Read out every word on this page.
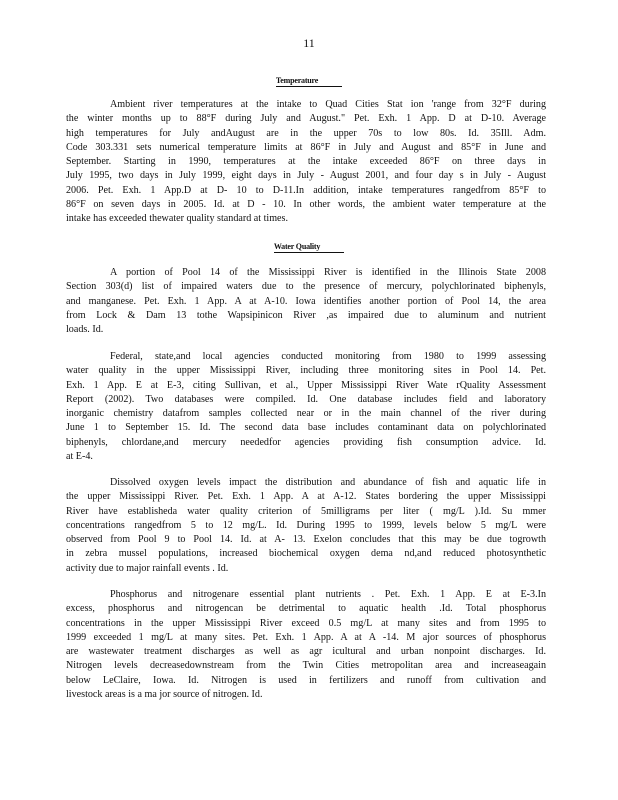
11
Temperature
Ambient river temperatures at the intake to Quad Cities Stat ion 'range from 32°F during
the winter months up to 88°F during July and August." Pet. Exh. 1 App. D at D-10. Average
high temperatures for July andAugust are in the upper 70s to low 80s. Id. 35Ill. Adm.
Code 303.331 sets numerical temperature limits at 86°F in July and August and 85°F in June and
September. Starting in 1990, temperatures at the intake exceeded 86°F on three days in
July 1995, two days in July 1999, eight days in July - August 2001, and four day s in July - August
2006. Pet. Exh. 1 App.D at D- 10 to D-11.In addition, intake temperatures rangedfrom 85°F to
86°F on seven days in 2005. Id. at D - 10. In other words, the ambient water temperature at the
intake has exceeded thewater quality standard at times.
Water Quality
A portion of Pool 14 of the Mississippi River is identified in the Illinois State 2008
Section 303(d) list of impaired waters due to the presence of mercury, polychlorinated biphenyls,
and manganese. Pet. Exh. 1 App. A at A-10. Iowa identifies another portion of Pool 14, the area
from Lock & Dam 13 tothe Wapsipinicon River ,as impaired due to aluminum and nutrient
loads. Id.
Federal, state,and local agencies conducted monitoring from 1980 to 1999 assessing
water quality in the upper Mississippi River, including three monitoring sites in Pool 14. Pet.
Exh. 1 App. E at E-3, citing Sullivan, et al., Upper Mississippi River Wate rQuality Assessment
Report (2002). Two databases were compiled. Id. One database includes field and laboratory
inorganic chemistry datafrom samples collected near or in the main channel of the river during
June 1 to September 15. Id. The second data base includes contaminant data on polychlorinated
biphenyls, chlordane,and mercury neededfor agencies providing fish consumption advice. Id.
at E-4.
Dissolved oxygen levels impact the distribution and abundance of fish and aquatic life in
the upper Mississippi River. Pet. Exh. 1 App. A at A-12. States bordering the upper Mississippi
River have establisheda water quality criterion of 5milligrams per liter ( mg/L ).Id. Su mmer
concentrations rangedfrom 5 to 12 mg/L. Id. During 1995 to 1999, levels below 5 mg/L were
observed from Pool 9 to Pool 14. Id. at A- 13. Exelon concludes that this may be due togrowth
in zebra mussel populations, increased biochemical oxygen dema nd,and reduced photosynthetic
activity due to major rainfall events . Id.
Phosphorus and nitrogenare essential plant nutrients . Pet. Exh. 1 App. E at E-3.In
excess, phosphorus and nitrogencan be detrimental to aquatic health .Id. Total phosphorus
concentrations in the upper Mississippi River exceed 0.5 mg/L at many sites and from 1995 to
1999 exceeded 1 mg/L at many sites. Pet. Exh. 1 App. A at A -14. M ajor sources of phosphorus
are wastewater treatment discharges as well as agr icultural and urban nonpoint discharges. Id.
Nitrogen levels decreasedownstream from the Twin Cities metropolitan area and increaseagain
below LeClaire, Iowa. Id. Nitrogen is used in fertilizers and runoff from cultivation and
livestock areas is a ma jor source of nitrogen. Id.
